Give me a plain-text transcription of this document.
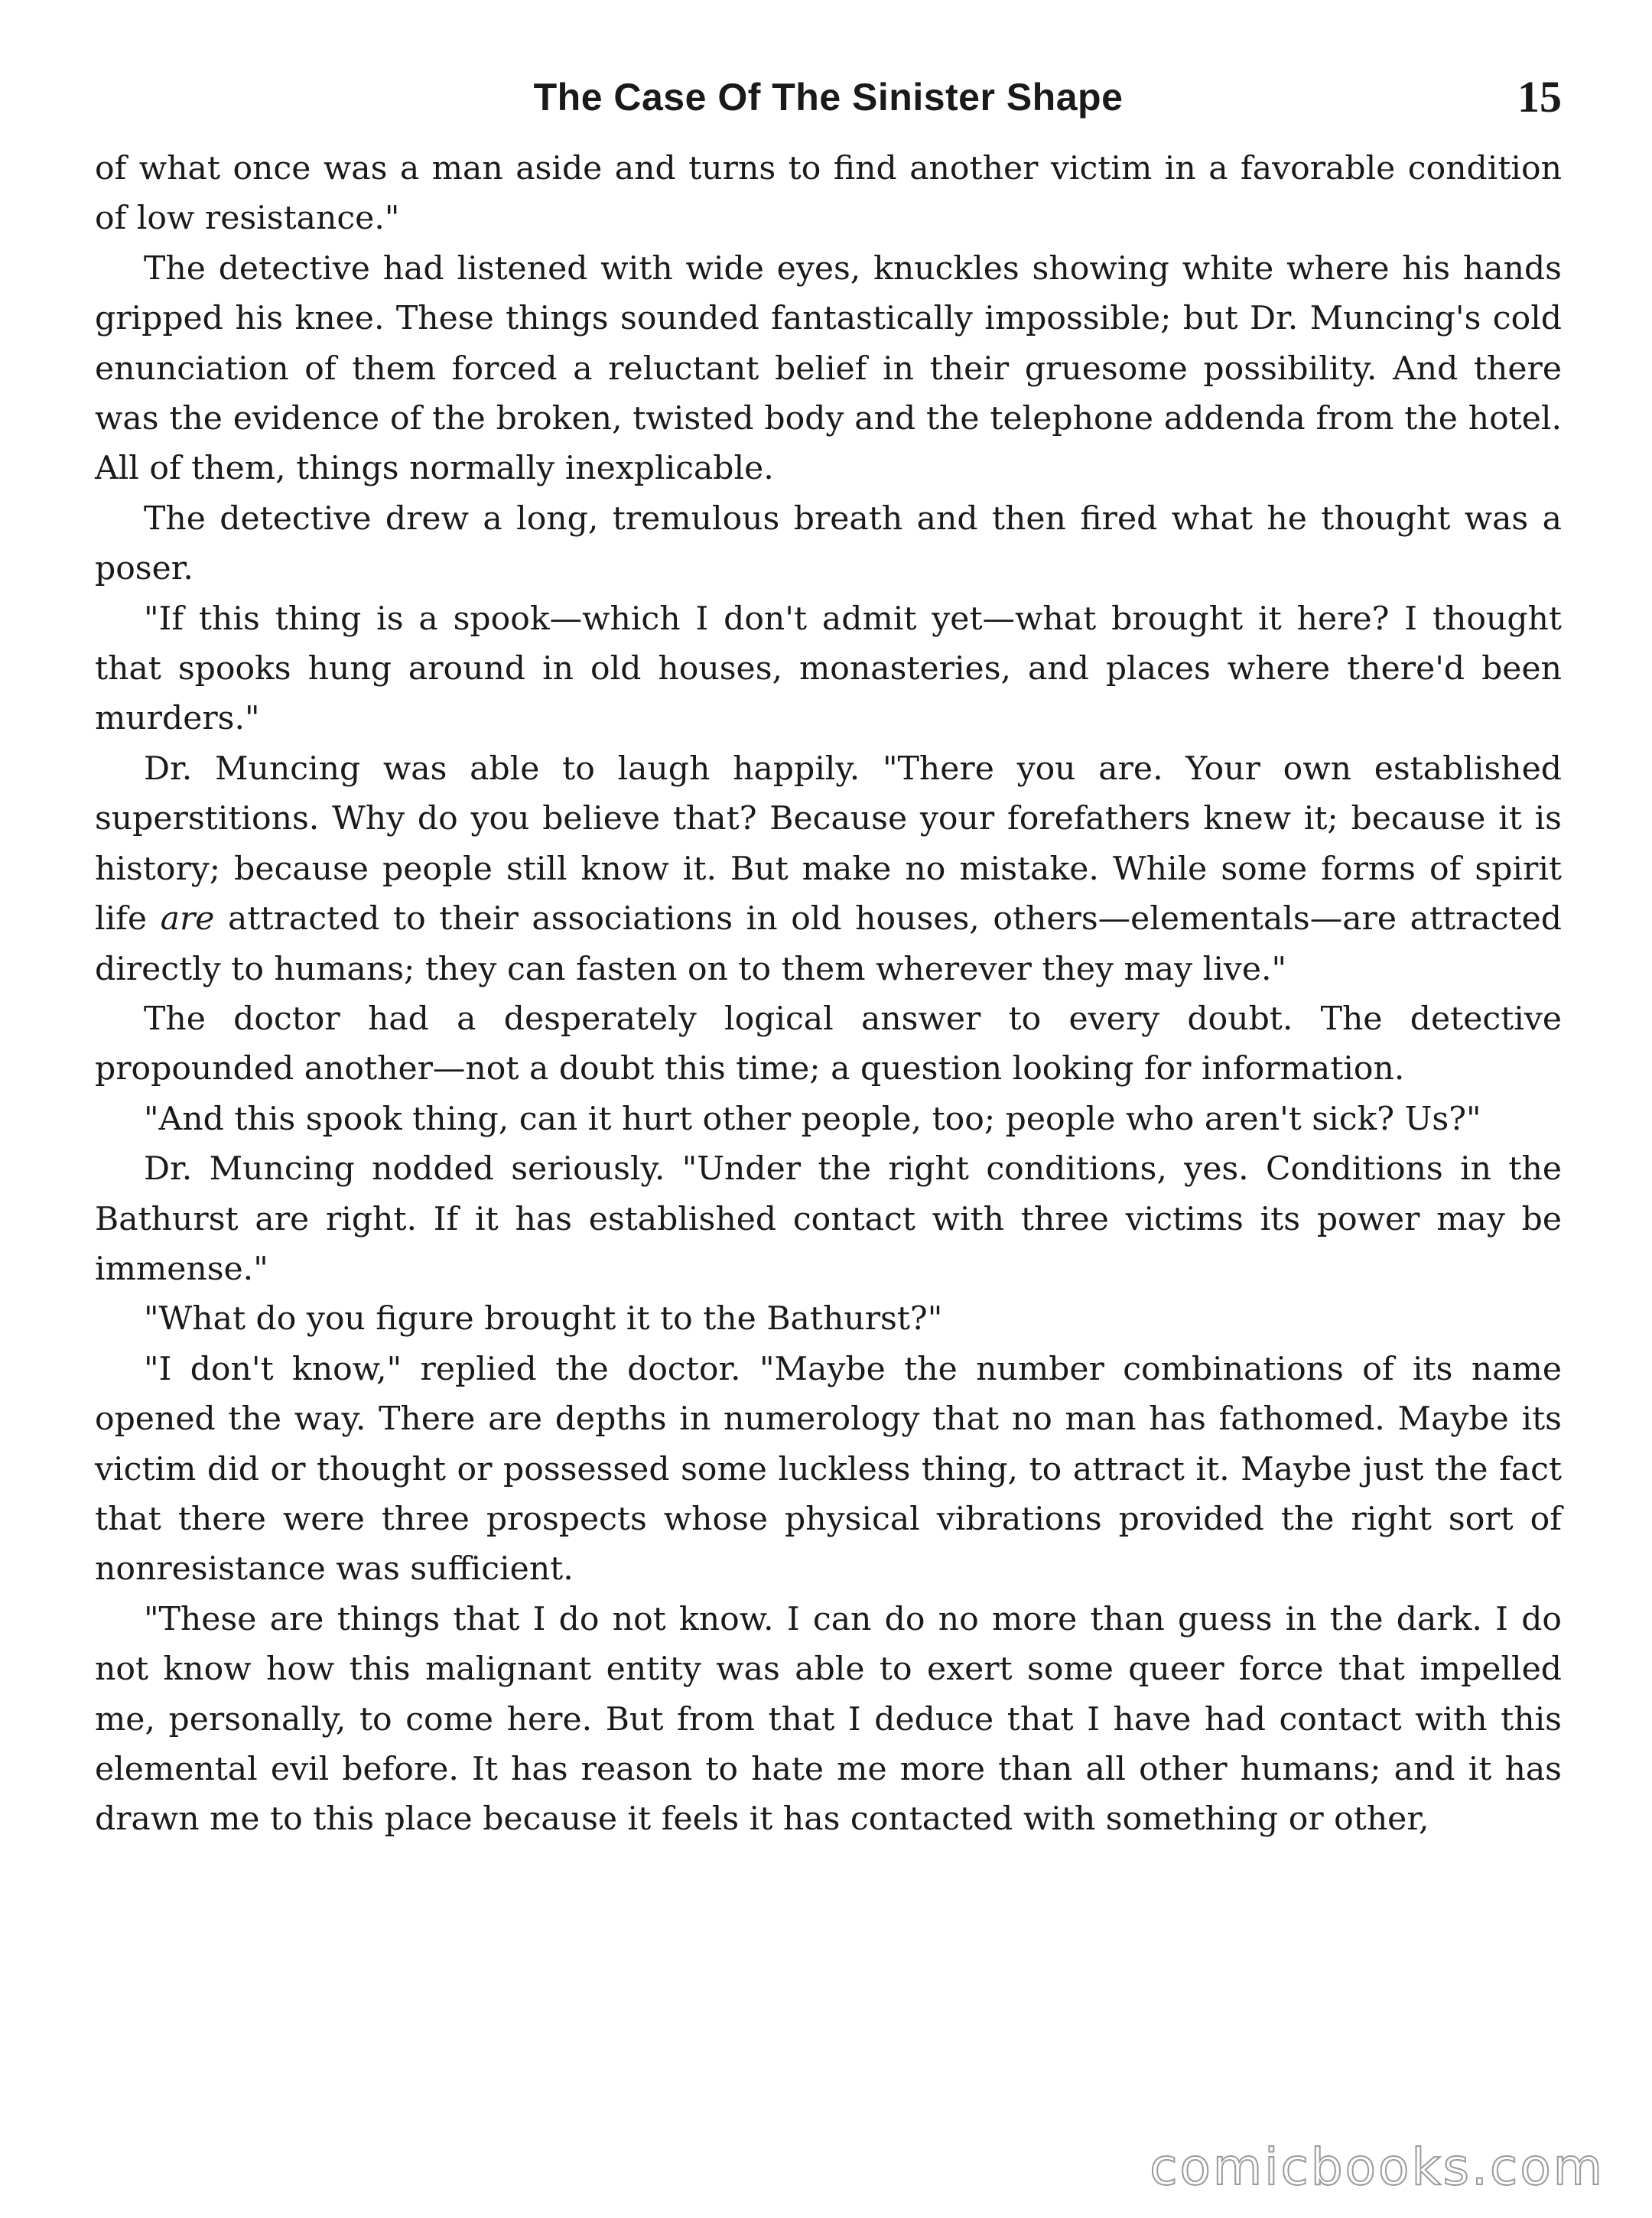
The Case Of The Sinister Shape	15

of what once was a man aside and turns to find another victim in a favorable condition of low resistance."

The detective had listened with wide eyes, knuckles showing white where his hands gripped his knee. These things sounded fantastically impossible; but Dr. Muncing's cold enunciation of them forced a reluctant belief in their gruesome possibility. And there was the evidence of the broken, twisted body and the telephone addenda from the hotel. All of them, things normally inexplicable.

The detective drew a long, tremulous breath and then fired what he thought was a poser.

"If this thing is a spook—which I don't admit yet—what brought it here? I thought that spooks hung around in old houses, monasteries, and places where there'd been murders."

Dr. Muncing was able to laugh happily. "There you are. Your own established superstitions. Why do you believe that? Because your forefathers knew it; because it is history; because people still know it. But make no mistake. While some forms of spirit life are attracted to their associations in old houses, others—elementals—are attracted directly to humans; they can fasten on to them wherever they may live."

The doctor had a desperately logical answer to every doubt. The detective propounded another—not a doubt this time; a question looking for information.

"And this spook thing, can it hurt other people, too; people who aren't sick? Us?"

Dr. Muncing nodded seriously. "Under the right conditions, yes. Conditions in the Bathurst are right. If it has established contact with three victims its power may be immense."

"What do you figure brought it to the Bathurst?"

"I don't know," replied the doctor. "Maybe the number combinations of its name opened the way. There are depths in numerology that no man has fathomed. Maybe its victim did or thought or possessed some luckless thing, to attract it. Maybe just the fact that there were three prospects whose physical vibrations provided the right sort of nonresistance was sufficient.

"These are things that I do not know. I can do no more than guess in the dark. I do not know how this malignant entity was able to exert some queer force that impelled me, personally, to come here. But from that I deduce that I have had contact with this elemental evil before. It has reason to hate me more than all other humans; and it has drawn me to this place because it feels it has contacted with something or other,

comicbooks.com
